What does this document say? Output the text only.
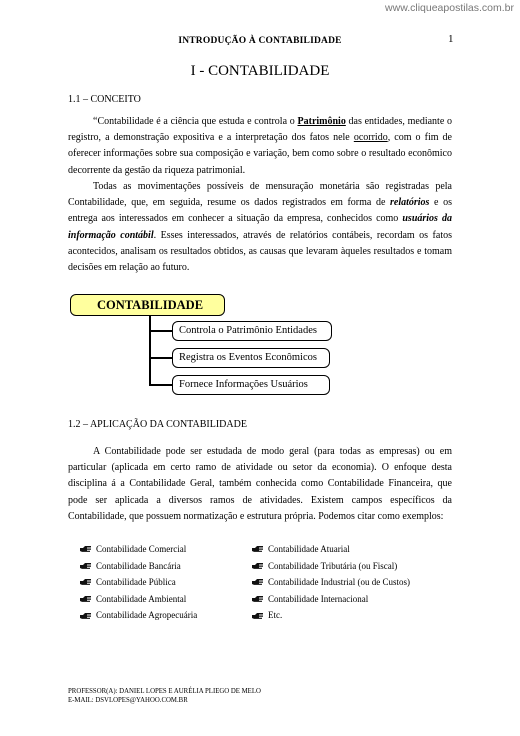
www.cliqueapostilas.com.br
INTRODUÇÃO À CONTABILIDADE	1
I - CONTABILIDADE
1.1 – CONCEITO

“Contabilidade é a ciência que estuda e controla o Patrimônio das entidades, mediante o registro, a demonstração expositiva e a interpretação dos fatos nele ocorrido, com o fim de oferecer informações sobre sua composição e variação, bem como sobre o resultado econômico decorrente da gestão da riqueza patrimonial.

Todas as movimentações possíveis de mensuração monetária são registradas pela Contabilidade, que, em seguida, resume os dados registrados em forma de relatórios e os entrega aos interessados em conhecer a situação da empresa, conhecidos como usuários da informação contábil. Esses interessados, através de relatórios contábeis, recordam os fatos acontecidos, analisam os resultados obtidos, as causas que levaram àqueles resultados e tomam decisões em relação ao futuro.

CONTABILIDADE
Controla o Patrimônio Entidades
Registra os Eventos Econômicos
Fornece Informações Usuários
1.2 – APLICAÇÃO DA CONTABILIDADE

A Contabilidade pode ser estudada de modo geral (para todas as empresas) ou em particular (aplicada em certo ramo de atividade ou setor da economia). O enfoque desta disciplina á a Contabilidade Geral, também conhecida como Contabilidade Financeira, que pode ser aplicada a diversos ramos de atividades. Existem campos específicos da Contabilidade, que possuem normatização e estrutura própria. Podemos citar como exemplos:

Contabilidade Comercial
Contabilidade Bancária
Contabilidade Pública
Contabilidade Ambiental
Contabilidade Agropecuária
Contabilidade Atuarial
Contabilidade Tributária (ou Fiscal)
Contabilidade Industrial (ou de Custos)
Contabilidade Internacional
Etc.
PROFESSOR(A): DANIEL LOPES E AURÉLIA PLIEGO DE MELO
E-MAIL: DSVLOPES@YAHOO.COM.BR
